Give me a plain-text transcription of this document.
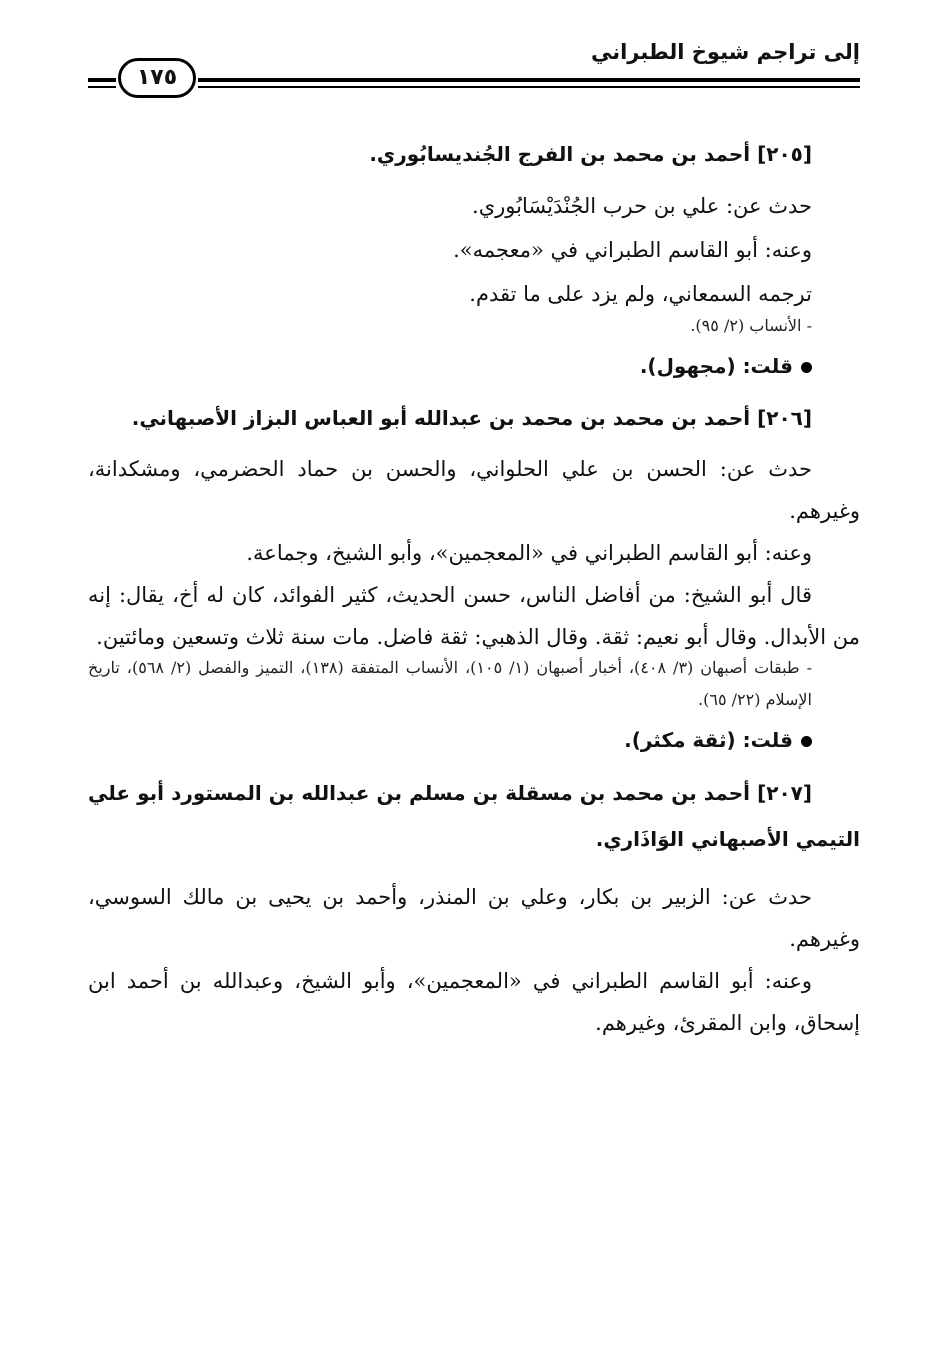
إلى تراجم شيوخ الطبراني
١٧٥

[٢٠٥] أحمد بن محمد بن الفرج الجُنديسابُوري.

حدث عن: علي بن حرب الجُنْدَيْسَابُوري.

وعنه: أبو القاسم الطبراني في «معجمه».

ترجمه السمعاني، ولم يزد على ما تقدم.

- الأنساب (٢/ ٩٥).

قلت: (مجهول).

[٢٠٦] أحمد بن محمد بن محمد بن عبدالله أبو العباس البزاز الأصبهاني.

حدث عن: الحسن بن علي الحلواني، والحسن بن حماد الحضرمي، ومشكدانة، وغيرهم.

وعنه: أبو القاسم الطبراني في «المعجمين»، وأبو الشيخ، وجماعة.

قال أبو الشيخ: من أفاضل الناس، حسن الحديث، كثير الفوائد، كان له أخ، يقال: إنه من الأبدال. وقال أبو نعيم: ثقة. وقال الذهبي: ثقة فاضل. مات سنة ثلاث وتسعين ومائتين.

- طبقات أصبهان (٣/ ٤٠٨)، أخبار أصبهان (١/ ١٠٥)، الأنساب المتفقة (١٣٨)، التميز والفصل (٢/ ٥٦٨)، تاريخ الإسلام (٢٢/ ٦٥).

قلت: (ثقة مكثر).

[٢٠٧] أحمد بن محمد بن مسقلة بن مسلم بن عبدالله بن المستورد أبو علي التيمي الأصبهاني الوَاذَاري.

حدث عن: الزبير بن بكار، وعلي بن المنذر، وأحمد بن يحيى بن مالك السوسي، وغيرهم.

وعنه: أبو القاسم الطبراني في «المعجمين»، وأبو الشيخ، وعبدالله بن أحمد ابن إسحاق، وابن المقرئ، وغيرهم.
